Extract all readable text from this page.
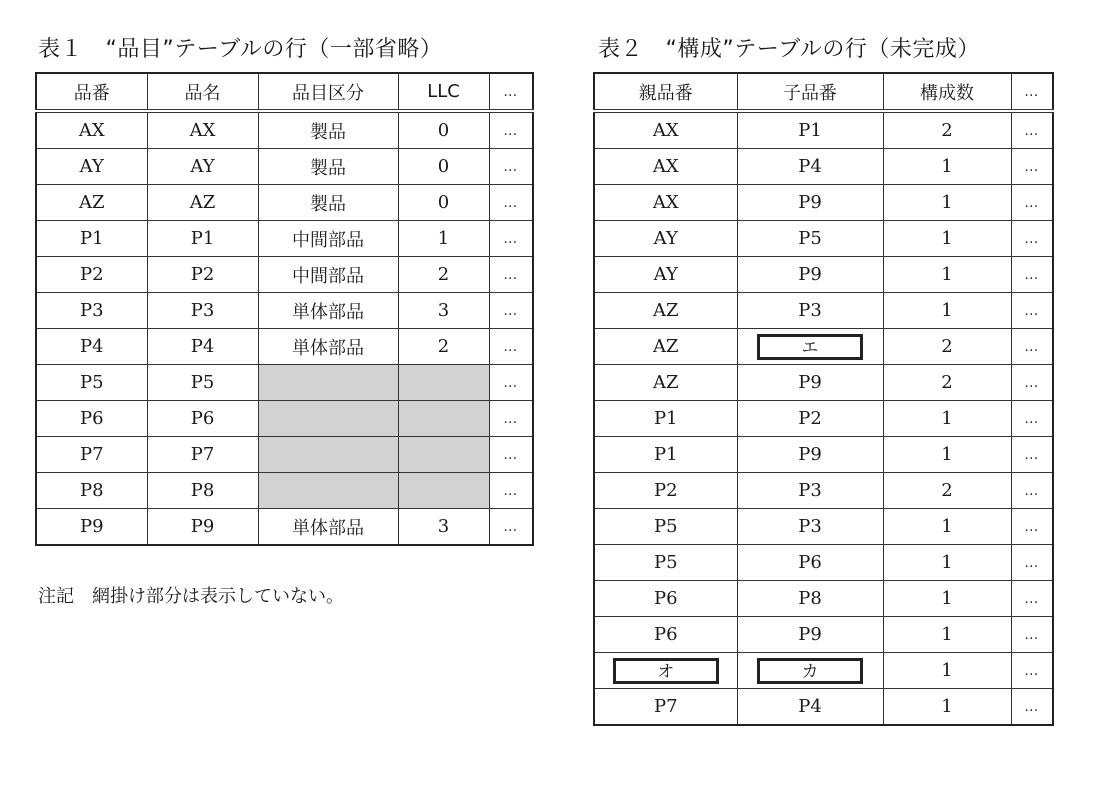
表１　“品目”テーブルの行（一部省略）
品番	品名	品目区分	LLC	…
AX	AX	製品	0	…
AY	AY	製品	0	…
AZ	AZ	製品	0	…
P1	P1	中間部品	1	…
P2	P2	中間部品	2	…
P3	P3	単体部品	3	…
P4	P4	単体部品	2	…
P5	P5			…
P6	P6			…
P7	P7			…
P8	P8			…
P9	P9	単体部品	3	…
注記　網掛け部分は表示していない。
表２　“構成”テーブルの行（未完成）
親品番	子品番	構成数	…
AX	P1	2	…
AX	P4	1	…
AX	P9	1	…
AY	P5	1	…
AY	P9	1	…
AZ	P3	1	…
AZ	エ	2	…
AZ	P9	2	…
P1	P2	1	…
P1	P9	1	…
P2	P3	2	…
P5	P3	1	…
P5	P6	1	…
P6	P8	1	…
P6	P9	1	…
オ	カ	1	…
P7	P4	1	…
